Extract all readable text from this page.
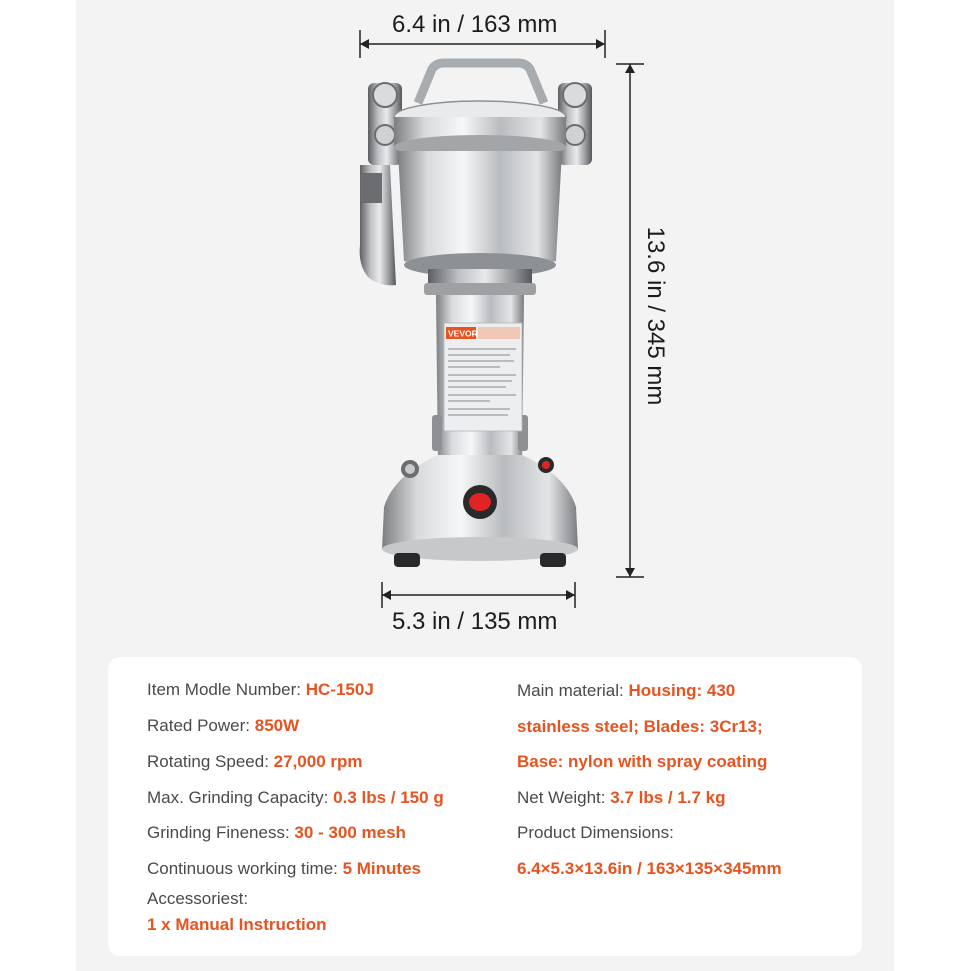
6.4 in / 163 mm
13.6 in / 345 mm
5.3 in / 135 mm
VEVOR
Item Modle Number: HC-150J
Rated Power: 850W
Rotating Speed: 27,000 rpm
Max. Grinding Capacity: 0.3 lbs / 150 g
Grinding Fineness: 30 - 300 mesh
Continuous working time: 5 Minutes
Accessoriest:
1 x Manual Instruction
Main material: Housing: 430
stainless steel; Blades: 3Cr13;
Base: nylon with spray coating
Net Weight: 3.7 lbs / 1.7 kg
Product Dimensions:
6.4×5.3×13.6in / 163×135×345mm
